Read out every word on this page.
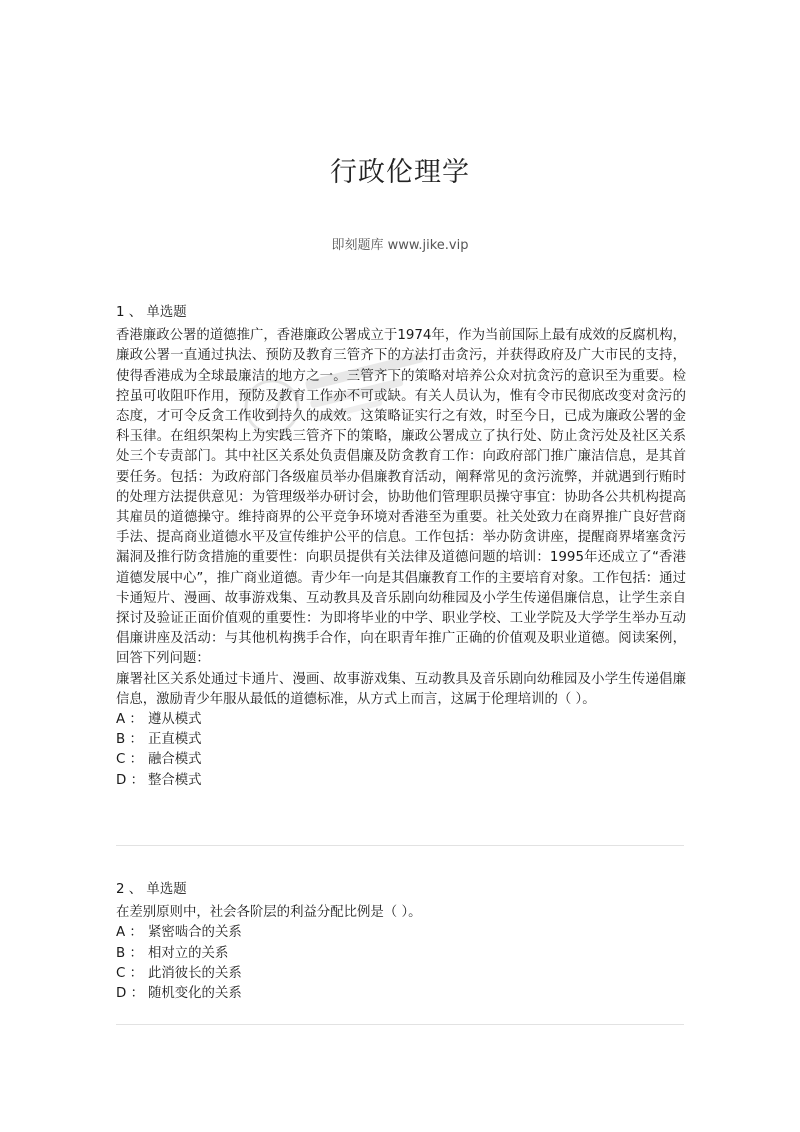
行政伦理学
即刻题库 www.jike.vip
1 、 单选题
香港廉政公署的道德推广，香港廉政公署成立于1974年，作为当前国际上最有成效的反腐机构，廉政公署一直通过执法、预防及教育三管齐下的方法打击贪污，并获得政府及广大市民的支持，使得香港成为全球最廉洁的地方之一。三管齐下的策略对培养公众对抗贪污的意识至为重要。检控虽可收阻吓作用，预防及教育工作亦不可或缺。有关人员认为，惟有令市民彻底改变对贪污的态度，才可令反贪工作收到持久的成效。这策略证实行之有效，时至今日，已成为廉政公署的金科玉律。在组织架构上为实践三管齐下的策略，廉政公署成立了执行处、防止贪污处及社区关系处三个专责部门。其中社区关系处负责倡廉及防贪教育工作：向政府部门推广廉洁信息，是其首要任务。包括：为政府部门各级雇员举办倡廉教育活动，阐释常见的贪污流弊，并就遇到行贿时的处理方法提供意见：为管理级举办研讨会，协助他们管理职员操守事宜：协助各公共机构提高其雇员的道德操守。维持商界的公平竞争环境对香港至为重要。社关处致力在商界推广良好营商手法、提高商业道德水平及宣传维护公平的信息。工作包括：举办防贪讲座，提醒商界堵塞贪污漏洞及推行防贪措施的重要性：向职员提供有关法律及道德问题的培训：1995年还成立了“香港道德发展中心”，推广商业道德。青少年一向是其倡廉教育工作的主要培育对象。工作包括：通过卡通短片、漫画、故事游戏集、互动教具及音乐剧向幼稚园及小学生传递倡廉信息，让学生亲自探讨及验证正面价值观的重要性：为即将毕业的中学、职业学校、工业学院及大学学生举办互动倡廉讲座及活动：与其他机构携手合作，向在职青年推广正确的价值观及职业道德。阅读案例，回答下列问题：
廉署社区关系处通过卡通片、漫画、故事游戏集、互动教具及音乐剧向幼稚园及小学生传递倡廉信息，激励青少年服从最低的道德标准，从方式上而言，这属于伦理培训的（ ）。
A ： 遵从模式
B ： 正直模式
C ： 融合模式
D ： 整合模式
2 、 单选题
在差别原则中，社会各阶层的利益分配比例是（ ）。
A ： 紧密啮合的关系
B ： 相对立的关系
C ： 此消彼长的关系
D ： 随机变化的关系
